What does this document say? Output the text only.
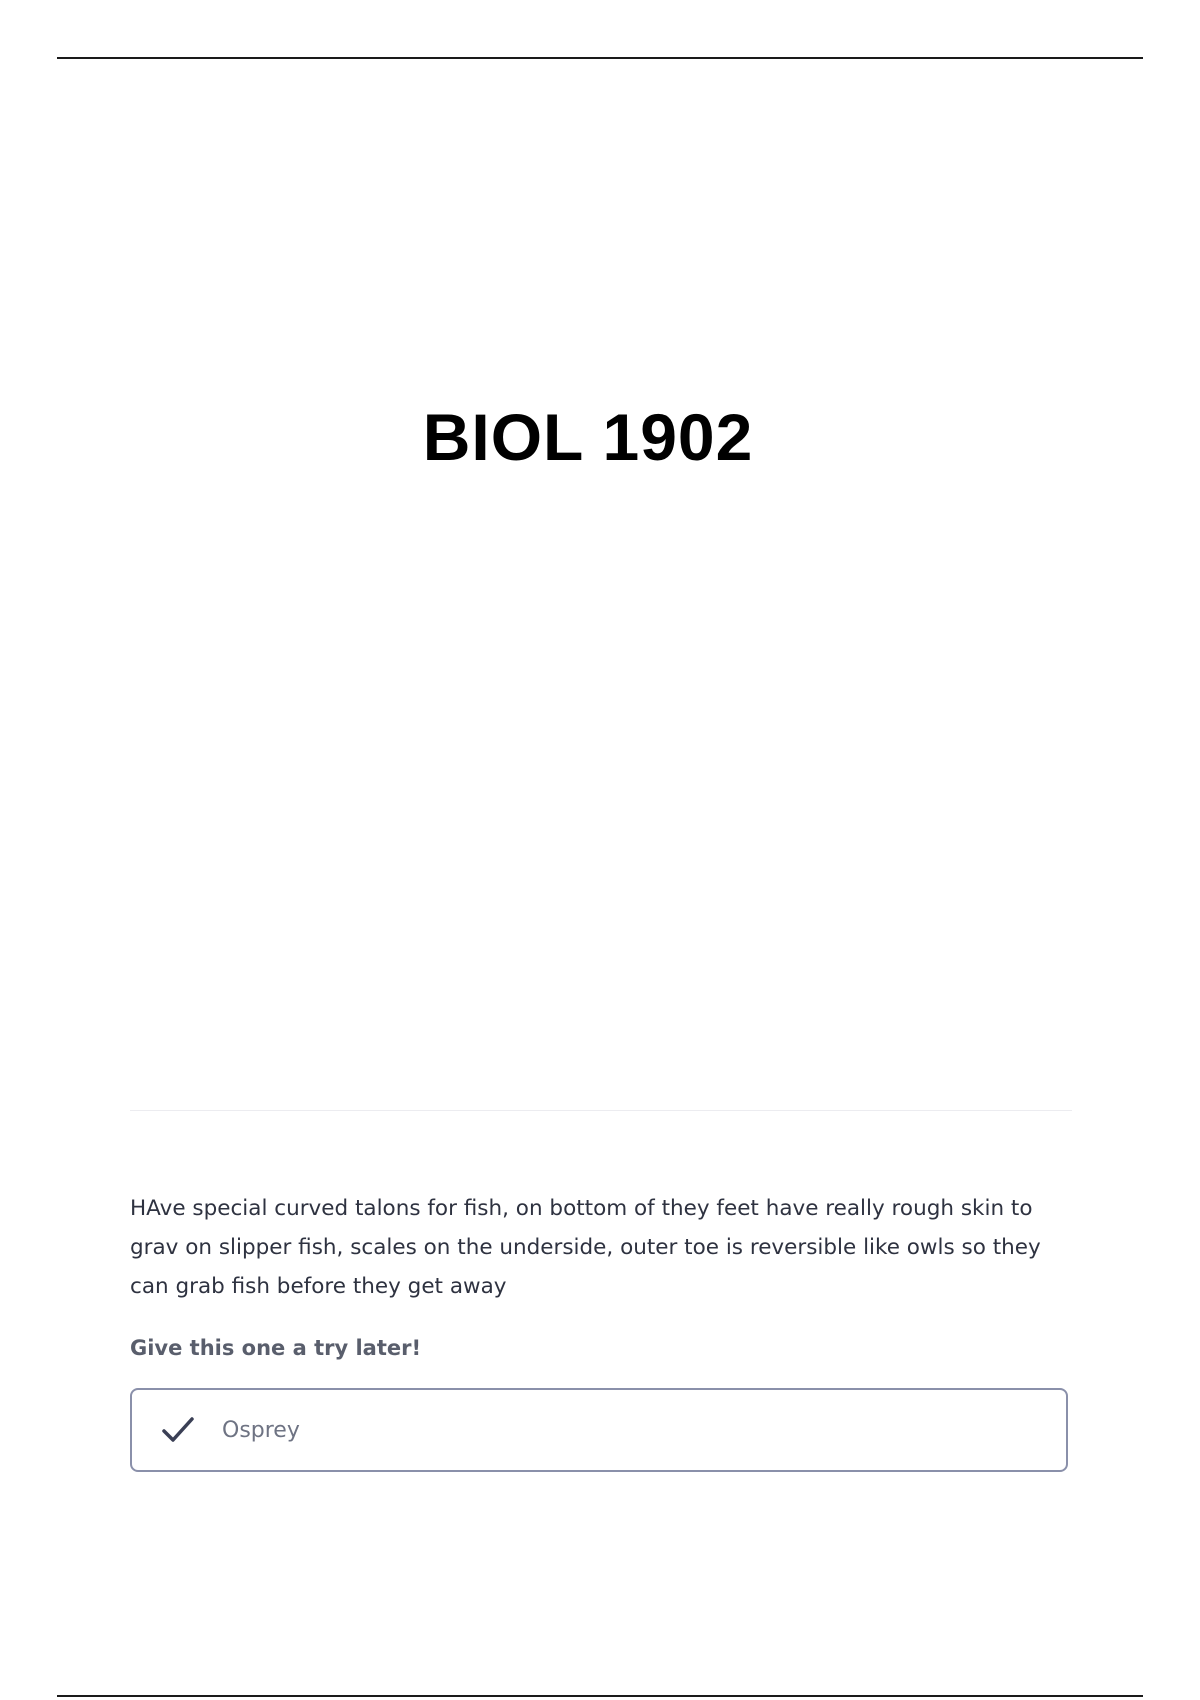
BIOL 1902
HAve special curved talons for fish, on bottom of they feet have really rough skin to grav on slipper fish, scales on the underside, outer toe is reversible like owls so they can grab fish before they get away
Give this one a try later!
Osprey
